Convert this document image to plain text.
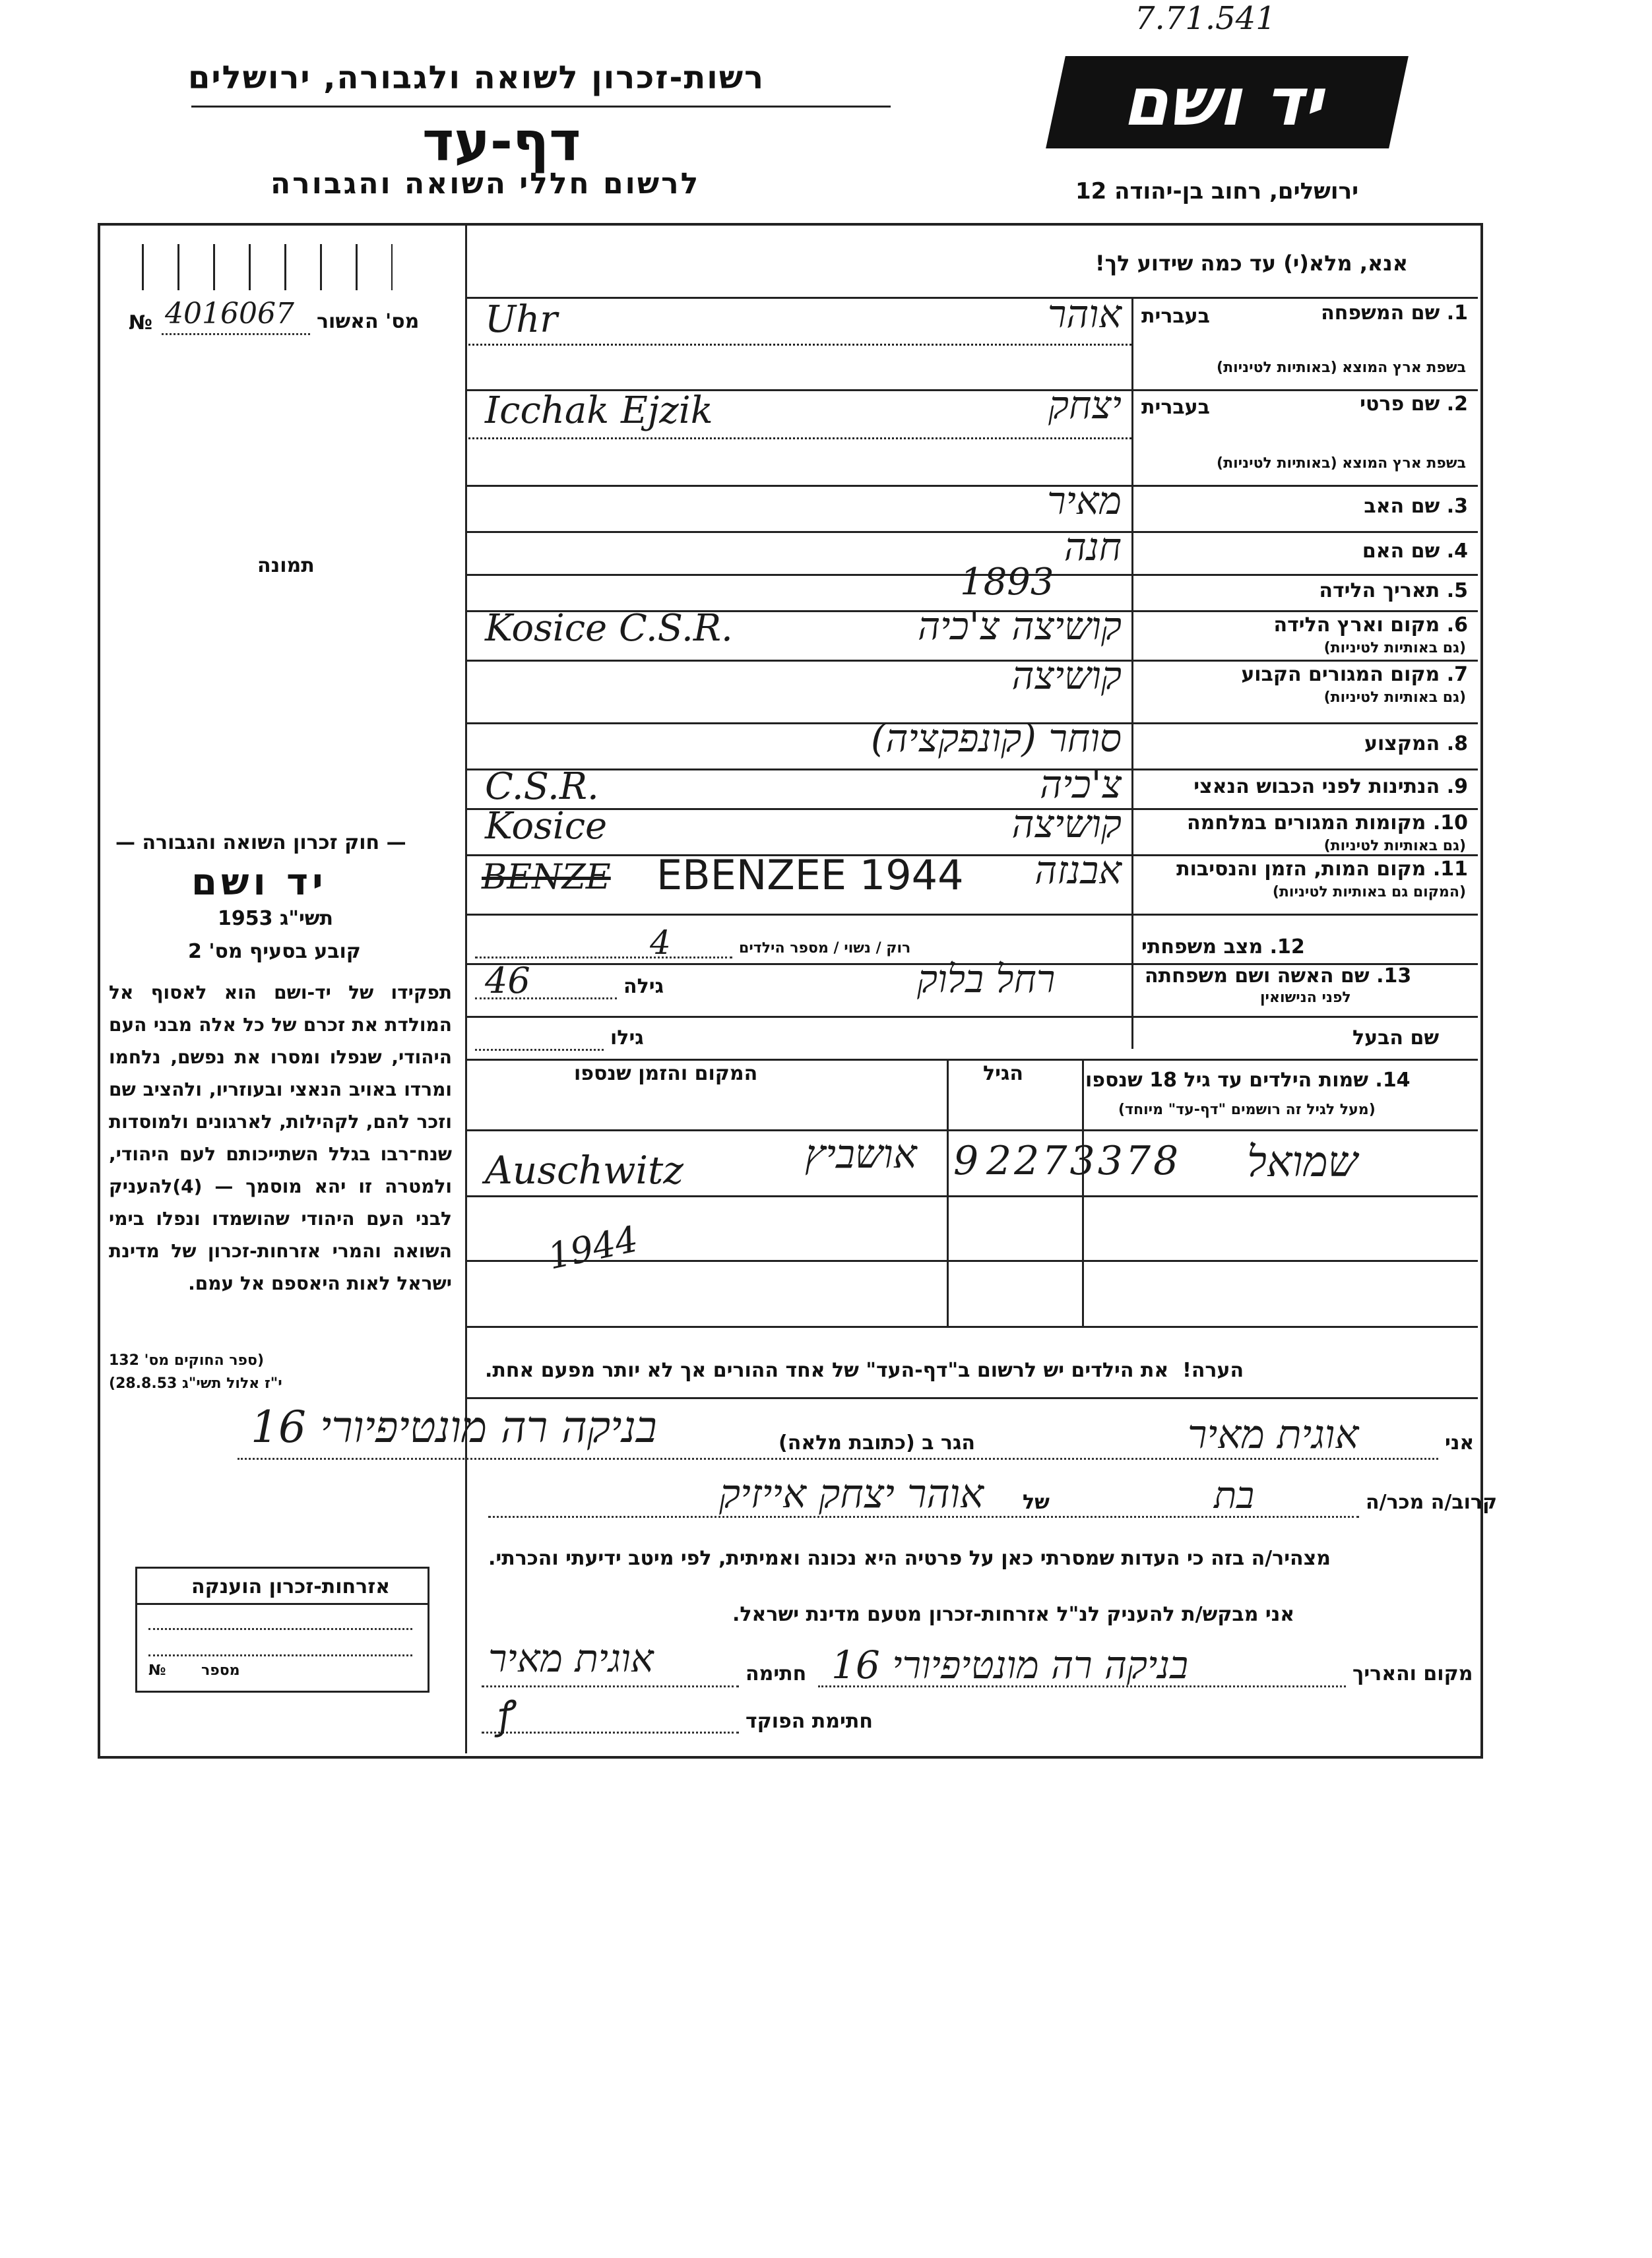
7.71.541
רשות-זכרון לשואה ולגבורה, ירושלים
דף-עד
לרשום חללי השואה והגבורה
יד ושם
ירושלים, רחוב בן-יהודה 12
מס' האשור
№ 4016067
תמונה
אנא, מלא(י) עד כמה שידוע לך!
1. שם המשפחה
בעברית
בשפת ארץ המוצא (באותיות לטיניות)
אוהר
Uhr
2. שם פרטי
בעברית
בשפת ארץ המוצא (באותיות לטיניות)
יצחק
Icchak Ejzik
3. שם האב
מאיר
4. שם האם
חנה
5. תאריך הלידה
1893
6. מקום וארץ הלידה
(גם באותיות לטיניות)
קושיצה צ'כיה
Kosice C.S.R.
7. מקום המגורים הקבוע
(גם באותיות לטיניות)
קושיצה
8. המקצוע
סוחר (קונפקציה)
9. הנתינות לפני הכבוש הנאצי
צ'כיה
C.S.R.
10. מקומות המגורים במלחמה
(גם באותיות לטיניות)
קושיצה
Kosice
11. מקום המות, הזמן והנסיבות
(המקום גם באותיות לטיניות)
אבנזה
BENZE EBENZEE 1944
12. מצב משפחתי
רוק / נשוי / מספר הילדים
4
13. שם האשה ושם משפחתה
לפני הנישואין
רחל בלוק
גילה
46
שם הבעל
גילו
14. שמות הילדים עד גיל 18 שנספו
(מעל לגיל זה רושמים "דף-עד" מיוחד)
הגיל
המקום והזמן שנספו
שמואל
2273378
9
אושביץ
Auschwitz
1944
הערה!  את הילדים יש לרשום ב"דף-העד" של אחד ההורים אך לא יותר מפעם אחת.
— חוק זכרון השואה והגבורה —
יד ושם
תשי"ג 1953
קובע בסעיף מס' 2
תפקידו של יד-ושם הוא לאסוף אל המולדת את זכרם של כל אלה מבני העם היהודי, שנפלו ומסרו את נפשם, נלחמו ומרדו באויב הנאצי ובעוזריו, ולהציב שם וזכר להם, לקהילות, לארגונים ולמוסדות שנח־רבו בגלל השתייכותם לעם היהודי, ולמטרה זו יהא מוסמך — (4)להעניק לבני העם היהודי שהושמדו ונפלו בימי השואה והמרי אזרחות-זכרון של מדינת ישראל לאות היאספם אל עמם.
(ספר החוקים מס' 132
י"ז אלול תשי"ג 28.8.53)
אני
אוגית מאיר
הגר ב (כתובת מלאה)
בניקה רה מונטיפיורי 16
קרוב/ה מכר/ה
בת
של
אוהר יצחק אייזיק
מצהיר/ה בזה כי העדות שמסרתי כאן על פרטיה היא נכונה ואמיתית, לפי מיטב ידיעתי והכרתי.
אני מבקש/ת להעניק לנ"ל אזרחות-זכרון מטעם מדינת ישראל.
מקום והאריך
בניקה רה מונטיפיורי 16
חתימה
אוגית מאיר
חתימת הפוקד
ꝭ
אזרחות-זכרון הוענקה
מספר
№
